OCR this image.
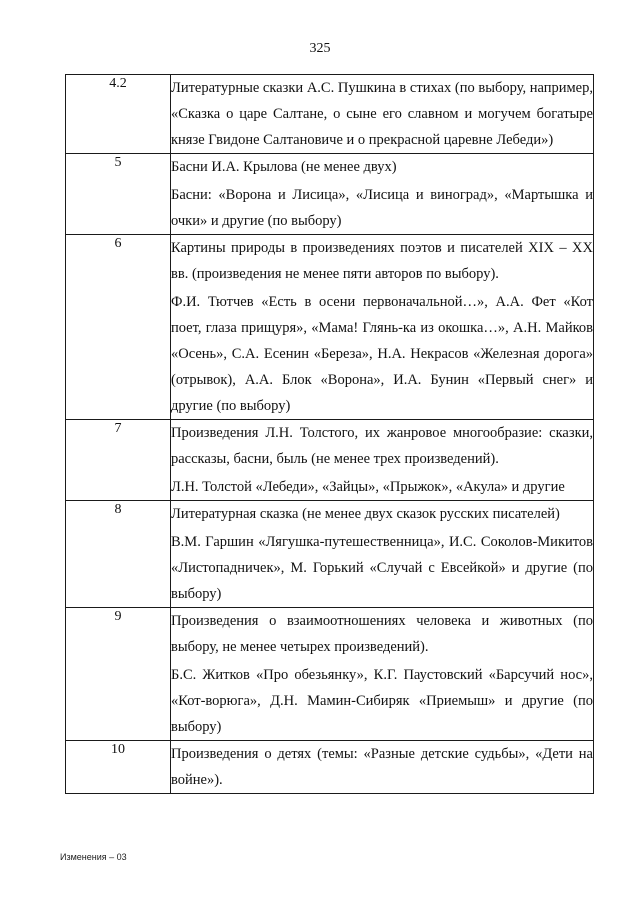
325
4.2	Литературные сказки А.С. Пушкина в стихах (по выбору, например, «Сказка о царе Салтане, о сыне его славном и могучем богатыре князе Гвидоне Салтановиче и о прекрасной царевне Лебеди»)

5	Басни И.А. Крылова (не менее двух)

Басни: «Ворона и Лисица», «Лисица и виноград», «Мартышка и очки» и другие (по выбору)

6	Картины природы в произведениях поэтов и писателей XIX – XX вв. (произведения не менее пяти авторов по выбору).

Ф.И. Тютчев «Есть в осени первоначальной…», А.А. Фет «Кот поет, глаза прищуря», «Мама! Глянь-ка из окошка…», А.Н. Майков «Осень», С.А. Есенин «Береза», Н.А. Некрасов «Железная дорога» (отрывок), А.А. Блок «Ворона», И.А. Бунин «Первый снег» и другие (по выбору)

7	Произведения Л.Н. Толстого, их жанровое многообразие: сказки, рассказы, басни, быль (не менее трех произведений).

Л.Н. Толстой «Лебеди», «Зайцы», «Прыжок», «Акула» и другие

8	Литературная сказка (не менее двух сказок русских писателей)

В.М. Гаршин «Лягушка-путешественница», И.С. Соколов-Микитов «Листопадничек», М. Горький «Случай с Евсейкой» и другие (по выбору)

9	Произведения о взаимоотношениях человека и животных (по выбору, не менее четырех произведений).

Б.С. Житков «Про обезьянку», К.Г. Паустовский «Барсучий нос», «Кот-ворюга», Д.Н. Мамин-Сибиряк «Приемыш» и другие (по выбору)

10	Произведения о детях (темы: «Разные детские судьбы», «Дети на войне»).

Изменения – 03
